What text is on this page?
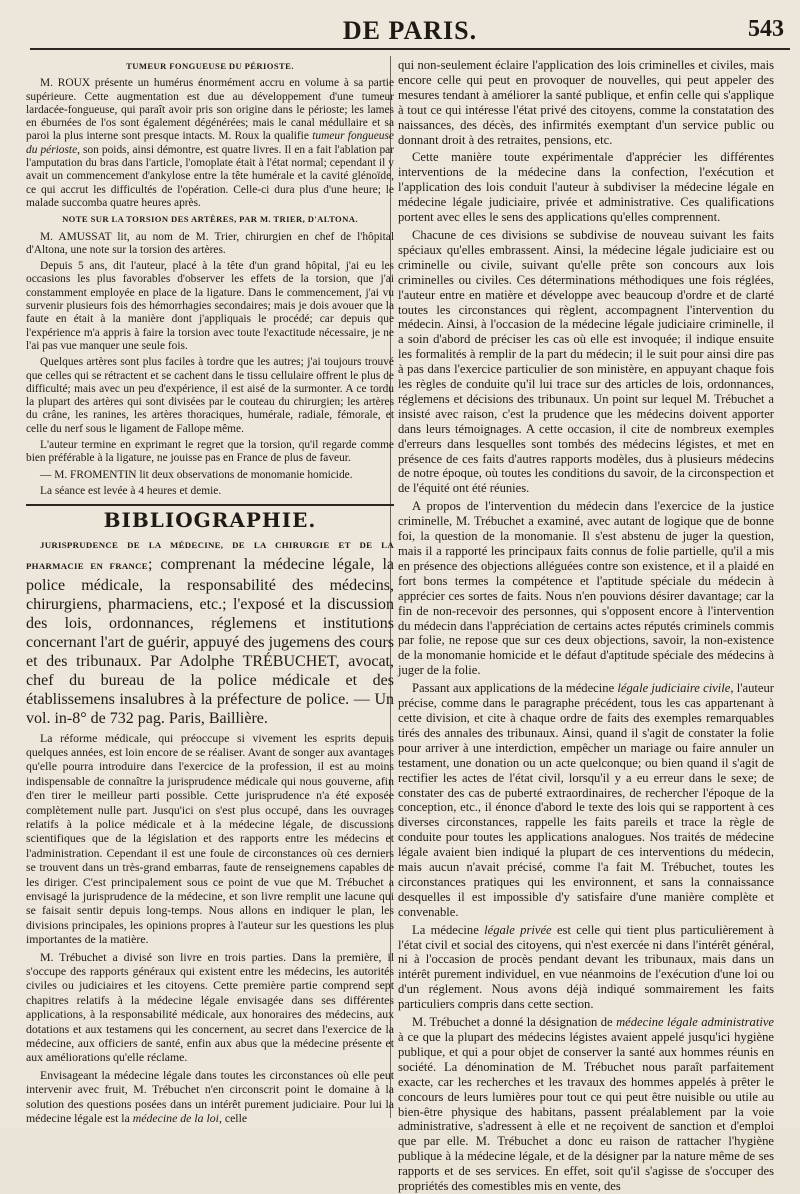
DE PARIS.	543
TUMEUR FONGUEUSE DU PÉRIOSTE.

M. ROUX présente un humérus énormément accru en volume à sa partie supérieure. Cette augmentation est due au développement d'une tumeur lardacée-fongueuse, qui paraît avoir pris son origine dans le périoste; les lames en éburnées de l'os sont également dégénérées; mais le canal médullaire et sa paroi la plus interne sont presque intacts. M. Roux la qualifie tumeur fongueuse du périoste, son poids, ainsi démontre, est quatre livres. Il en a fait l'ablation par l'amputation du bras dans l'article, l'omoplate était à l'état normal; cependant il y avait un commencement d'ankylose entre la tête humérale et la cavité glénoïde, ce qui accrut les difficultés de l'opération. Celle-ci dura plus d'une heure; le malade succomba quatre heures après.

NOTE SUR LA TORSION DES ARTÈRES, PAR M. TRIER, D'ALTONA.

M. AMUSSAT lit, au nom de M. Trier, chirurgien en chef de l'hôpital d'Altona, une note sur la torsion des artères.

Depuis 5 ans, dit l'auteur, placé à la tête d'un grand hôpital, j'ai eu les occasions les plus favorables d'observer les effets de la torsion, que j'ai constamment employée en place de la ligature. Dans le commencement, j'ai vu survenir plusieurs fois des hémorrhagies secondaires; mais je dois avouer que la faute en était à la manière dont j'appliquais le procédé; car depuis que l'expérience m'a appris à faire la torsion avec toute l'exactitude nécessaire, je ne l'ai pas vue manquer une seule fois.

Quelques artères sont plus faciles à tordre que les autres; j'ai toujours trouvé que celles qui se rétractent et se cachent dans le tissu cellulaire offrent le plus de difficulté; mais avec un peu d'expérience, il est aisé de la surmonter. A ce tordu la plupart des artères qui sont divisées par le couteau du chirurgien; les artères du crâne, les ranines, les artères thoraciques, humérale, radiale, fémorale, et celle du nerf sous le ligament de Fallope même.

L'auteur termine en exprimant le regret que la torsion, qu'il regarde comme bien préférable à la ligature, ne jouisse pas en France de plus de faveur.

— M. FROMENTIN lit deux observations de monomanie homicide.

La séance est levée à 4 heures et demie.

BIBLIOGRAPHIE.

JURISPRUDENCE DE LA MÉDECINE, DE LA CHIRURGIE ET DE LA PHARMACIE EN FRANCE; comprenant la médecine légale, la police médicale, la responsabilité des médecins, chirurgiens, pharmaciens, etc.; l'exposé et la discussion des lois, ordonnances, réglemens et institutions concernant l'art de guérir, appuyé des jugemens des cours et des tribunaux. Par Adolphe TRÉBUCHET, avocat, chef du bureau de la police médicale et des établissemens insalubres à la préfecture de police. — Un vol. in-8° de 732 pag. Paris, Baillière.

La réforme médicale, qui préoccupe si vivement les esprits depuis quelques années, est loin encore de se réaliser. Avant de songer aux avantages qu'elle pourra introduire dans l'exercice de la profession, il est au moins indispensable de connaître la jurisprudence médicale qui nous gouverne, afin d'en tirer le meilleur parti possible. Cette jurisprudence n'a été exposée complètement nulle part. Jusqu'ici on s'est plus occupé, dans les ouvrages relatifs à la police médicale et à la médecine légale, de discussions scientifiques que de la législation et des rapports entre les médecins et l'administration. Cependant il est une foule de circonstances où ces derniers se trouvent dans un très-grand embarras, faute de renseignemens capables de les diriger. C'est principalement sous ce point de vue que M. Trébuchet a envisagé la jurisprudence de la médecine, et son livre remplit une lacune qui se faisait sentir depuis long-temps. Nous allons en indiquer le plan, les divisions principales, les opinions propres à l'auteur sur les questions les plus importantes de la matière.

M. Trébuchet a divisé son livre en trois parties. Dans la première, il s'occupe des rapports généraux qui existent entre les médecins, les autorités civiles ou judiciaires et les citoyens. Cette première partie comprend sept chapitres relatifs à la médecine légale envisagée dans ses différentes applications, à la responsabilité médicale, aux honoraires des médecins, aux dotations et aux testamens qui les concernent, au secret dans l'exercice de la médecine, aux officiers de santé, enfin aux abus que la médecine présente et aux améliorations qu'elle réclame.

Envisageant la médecine légale dans toutes les circonstances où elle peut intervenir avec fruit, M. Trébuchet n'en circonscrit point le domaine à la solution des questions posées dans un intérêt purement judiciaire. Pour lui la médecine légale est la médecine de la loi, celle

qui non-seulement éclaire l'application des lois criminelles et civiles, mais encore celle qui peut en provoquer de nouvelles, qui peut appeler des mesures tendant à améliorer la santé publique, et enfin celle qui s'applique à tout ce qui intéresse l'état privé des citoyens, comme la constatation des naissances, des décès, des infirmités exemptant d'un service public ou donnant droit à des retraites, pensions, etc.

Cette manière toute expérimentale d'apprécier les différentes interventions de la médecine dans la confection, l'exécution et l'application des lois conduit l'auteur à subdiviser la médecine légale en médecine légale judiciaire, privée et administrative. Ces qualifications portent avec elles le sens des applications qu'elles comprennent.

Chacune de ces divisions se subdivise de nouveau suivant les faits spéciaux qu'elles embrassent. Ainsi, la médecine légale judiciaire est ou criminelle ou civile, suivant qu'elle prête son concours aux lois criminelles ou civiles. Ces déterminations méthodiques une fois réglées, l'auteur entre en matière et développe avec beaucoup d'ordre et de clarté toutes les circonstances qui règlent, accompagnent l'intervention du médecin. Ainsi, à l'occasion de la médecine légale judiciaire criminelle, il a soin d'abord de préciser les cas où elle est invoquée; il indique ensuite les formalités à remplir de la part du médecin; il le suit pour ainsi dire pas à pas dans l'exercice particulier de son ministère, en appuyant chaque fois les règles de conduite qu'il lui trace sur des articles de lois, ordonnances, réglemens et décisions des tribunaux. Un point sur lequel M. Trébuchet a insisté avec raison, c'est la prudence que les médecins doivent apporter dans leurs témoignages. A cette occasion, il cite de nombreux exemples d'erreurs dans lesquelles sont tombés des médecins légistes, et met en présence de ces faits d'autres rapports modèles, dus à plusieurs médecins de notre époque, où toutes les conditions du savoir, de la circonspection et de l'équité ont été réunies.

A propos de l'intervention du médecin dans l'exercice de la justice criminelle, M. Trébuchet a examiné, avec autant de logique que de bonne foi, la question de la monomanie. Il s'est abstenu de juger la question, mais il a rapporté les principaux faits connus de folie partielle, qu'il a mis en présence des objections alléguées contre son existence, et il a plaidé en fort bons termes la compétence et l'aptitude spéciale du médecin à apprécier ces sortes de faits. Nous n'en pouvions désirer davantage; car la fin de non-recevoir des personnes, qui s'opposent encore à l'intervention du médecin dans l'appréciation de certains actes réputés criminels commis par folie, ne repose que sur ces deux objections, savoir, la non-existence de la monomanie homicide et le défaut d'aptitude spéciale des médecins à juger de la folie.

Passant aux applications de la médecine légale judiciaire civile, l'auteur précise, comme dans le paragraphe précédent, tous les cas appartenant à cette division, et cite à chaque ordre de faits des exemples remarquables tirés des annales des tribunaux. Ainsi, quand il s'agit de constater la folie pour arriver à une interdiction, empêcher un mariage ou faire annuler un testament, une donation ou un acte quelconque; ou bien quand il s'agit de rectifier les actes de l'état civil, lorsqu'il y a eu erreur dans le sexe; de constater des cas de puberté extraordinaires, de rechercher l'époque de la conception, etc., il énonce d'abord le texte des lois qui se rapportent à ces diverses circonstances, rappelle les faits pareils et trace la règle de conduite pour toutes les applications analogues. Nos traités de médecine légale avaient bien indiqué la plupart de ces interventions du médecin, mais aucun n'avait précisé, comme l'a fait M. Trébuchet, toutes les circonstances pratiques qui les environnent, et sans la connaissance desquelles il est impossible d'y satisfaire d'une manière complète et convenable.

La médecine légale privée est celle qui tient plus particulièrement à l'état civil et social des citoyens, qui n'est exercée ni dans l'intérêt général, ni à l'occasion de procès pendant devant les tribunaux, mais dans un intérêt purement individuel, en vue néanmoins de l'exécution d'une loi ou d'un réglement. Nous avons déjà indiqué sommairement les faits particuliers compris dans cette section.

M. Trébuchet a donné la désignation de médecine légale administrative à ce que la plupart des médecins légistes avaient appelé jusqu'ici hygiène publique, et qui a pour objet de conserver la santé aux hommes réunis en société. La dénomination de M. Trébuchet nous paraît parfaitement exacte, car les recherches et les travaux des hommes appelés à prêter le concours de leurs lumières pour tout ce qui peut être nuisible ou utile au bien-être physique des habitans, passent préalablement par la voie administrative, s'adressent à elle et ne reçoivent de sanction et d'emploi que par elle. M. Trébuchet a donc eu raison de rattacher l'hygiène publique à la médecine légale, et de la désigner par la nature même de ses rapports et de ses services. En effet, soit qu'il s'agisse de s'occuper des propriétés des comestibles mis en vente, des
